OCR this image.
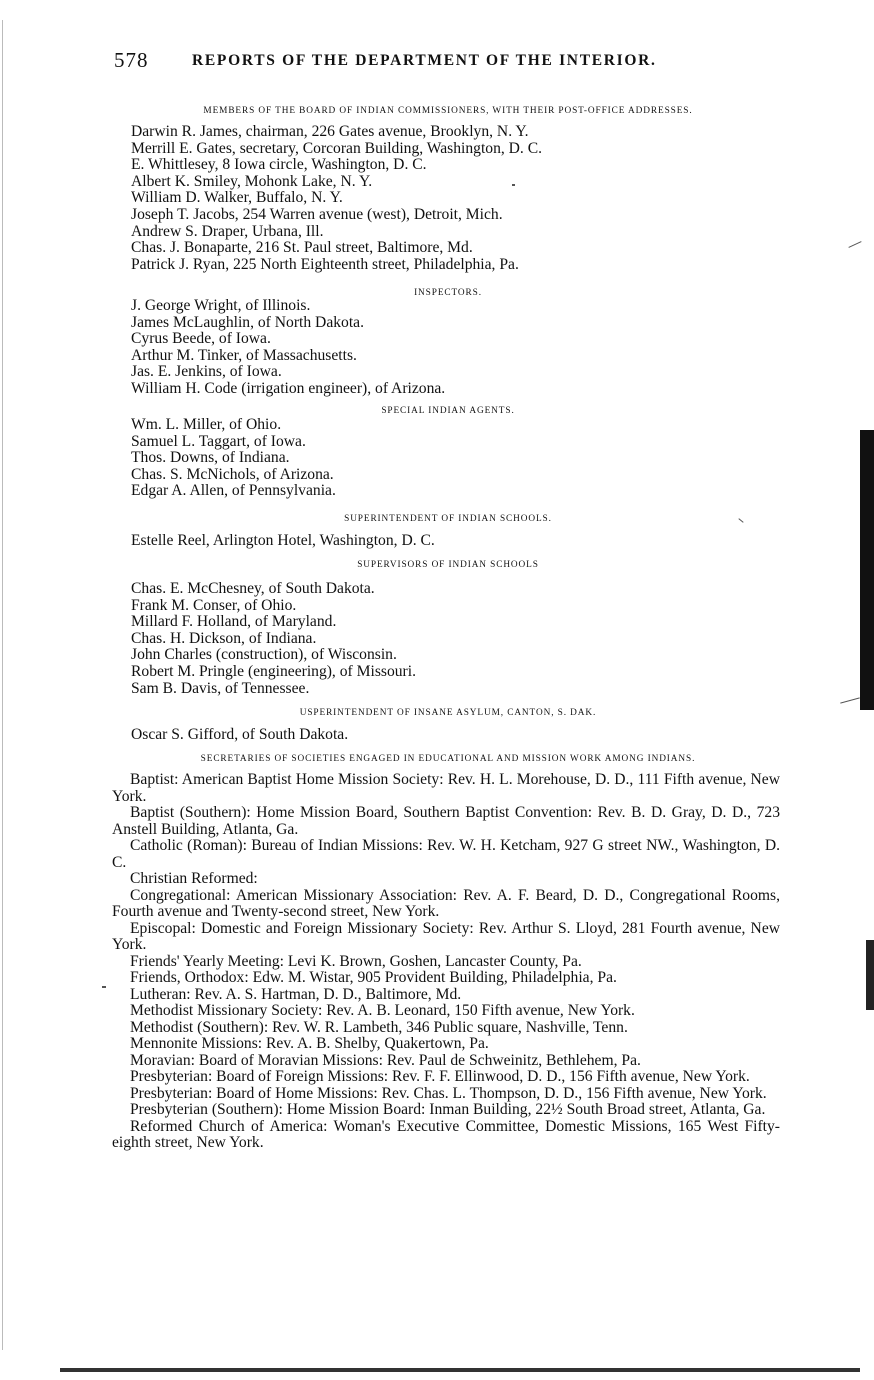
578	REPORTS OF THE DEPARTMENT OF THE INTERIOR.
MEMBERS OF THE BOARD OF INDIAN COMMISSIONERS, WITH THEIR POST-OFFICE ADDRESSES.
Darwin R. James, chairman, 226 Gates avenue, Brooklyn, N. Y.
Merrill E. Gates, secretary, Corcoran Building, Washington, D. C.
E. Whittlesey, 8 Iowa circle, Washington, D. C.
Albert K. Smiley, Mohonk Lake, N. Y.
William D. Walker, Buffalo, N. Y.
Joseph T. Jacobs, 254 Warren avenue (west), Detroit, Mich.
Andrew S. Draper, Urbana, Ill.
Chas. J. Bonaparte, 216 St. Paul street, Baltimore, Md.
Patrick J. Ryan, 225 North Eighteenth street, Philadelphia, Pa.
INSPECTORS.
J. George Wright, of Illinois.
James McLaughlin, of North Dakota.
Cyrus Beede, of Iowa.
Arthur M. Tinker, of Massachusetts.
Jas. E. Jenkins, of Iowa.
William H. Code (irrigation engineer), of Arizona.
SPECIAL INDIAN AGENTS.
Wm. L. Miller, of Ohio.
Samuel L. Taggart, of Iowa.
Thos. Downs, of Indiana.
Chas. S. McNichols, of Arizona.
Edgar A. Allen, of Pennsylvania.
SUPERINTENDENT OF INDIAN SCHOOLS.
Estelle Reel, Arlington Hotel, Washington, D. C.
SUPERVISORS OF INDIAN SCHOOLS
Chas. E. McChesney, of South Dakota.
Frank M. Conser, of Ohio.
Millard F. Holland, of Maryland.
Chas. H. Dickson, of Indiana.
John Charles (construction), of Wisconsin.
Robert M. Pringle (engineering), of Missouri.
Sam B. Davis, of Tennessee.
USPERINTENDENT OF INSANE ASYLUM, CANTON, S. DAK.
Oscar S. Gifford, of South Dakota.
SECRETARIES OF SOCIETIES ENGAGED IN EDUCATIONAL AND MISSION WORK AMONG INDIANS.

Baptist: American Baptist Home Mission Society: Rev. H. L. Morehouse, D. D., 111 Fifth avenue, New York.

Baptist (Southern): Home Mission Board, Southern Baptist Convention: Rev. B. D. Gray, D. D., 723 Anstell Building, Atlanta, Ga.

Catholic (Roman): Bureau of Indian Missions: Rev. W. H. Ketcham, 927 G street NW., Washington, D. C.

Christian Reformed:

Congregational: American Missionary Association: Rev. A. F. Beard, D. D., Congregational Rooms, Fourth avenue and Twenty-second street, New York.

Episcopal: Domestic and Foreign Missionary Society: Rev. Arthur S. Lloyd, 281 Fourth avenue, New York.

Friends' Yearly Meeting: Levi K. Brown, Goshen, Lancaster County, Pa.

Friends, Orthodox: Edw. M. Wistar, 905 Provident Building, Philadelphia, Pa.

Lutheran: Rev. A. S. Hartman, D. D., Baltimore, Md.

Methodist Missionary Society: Rev. A. B. Leonard, 150 Fifth avenue, New York.

Methodist (Southern): Rev. W. R. Lambeth, 346 Public square, Nashville, Tenn.

Mennonite Missions: Rev. A. B. Shelby, Quakertown, Pa.

Moravian: Board of Moravian Missions: Rev. Paul de Schweinitz, Bethlehem, Pa.

Presbyterian: Board of Foreign Missions: Rev. F. F. Ellinwood, D. D., 156 Fifth avenue, New York.

Presbyterian: Board of Home Missions: Rev. Chas. L. Thompson, D. D., 156 Fifth avenue, New York.

Presbyterian (Southern): Home Mission Board: Inman Building, 22½ South Broad street, Atlanta, Ga.

Reformed Church of America: Woman's Executive Committee, Domestic Missions, 165 West Fifty-eighth street, New York.
